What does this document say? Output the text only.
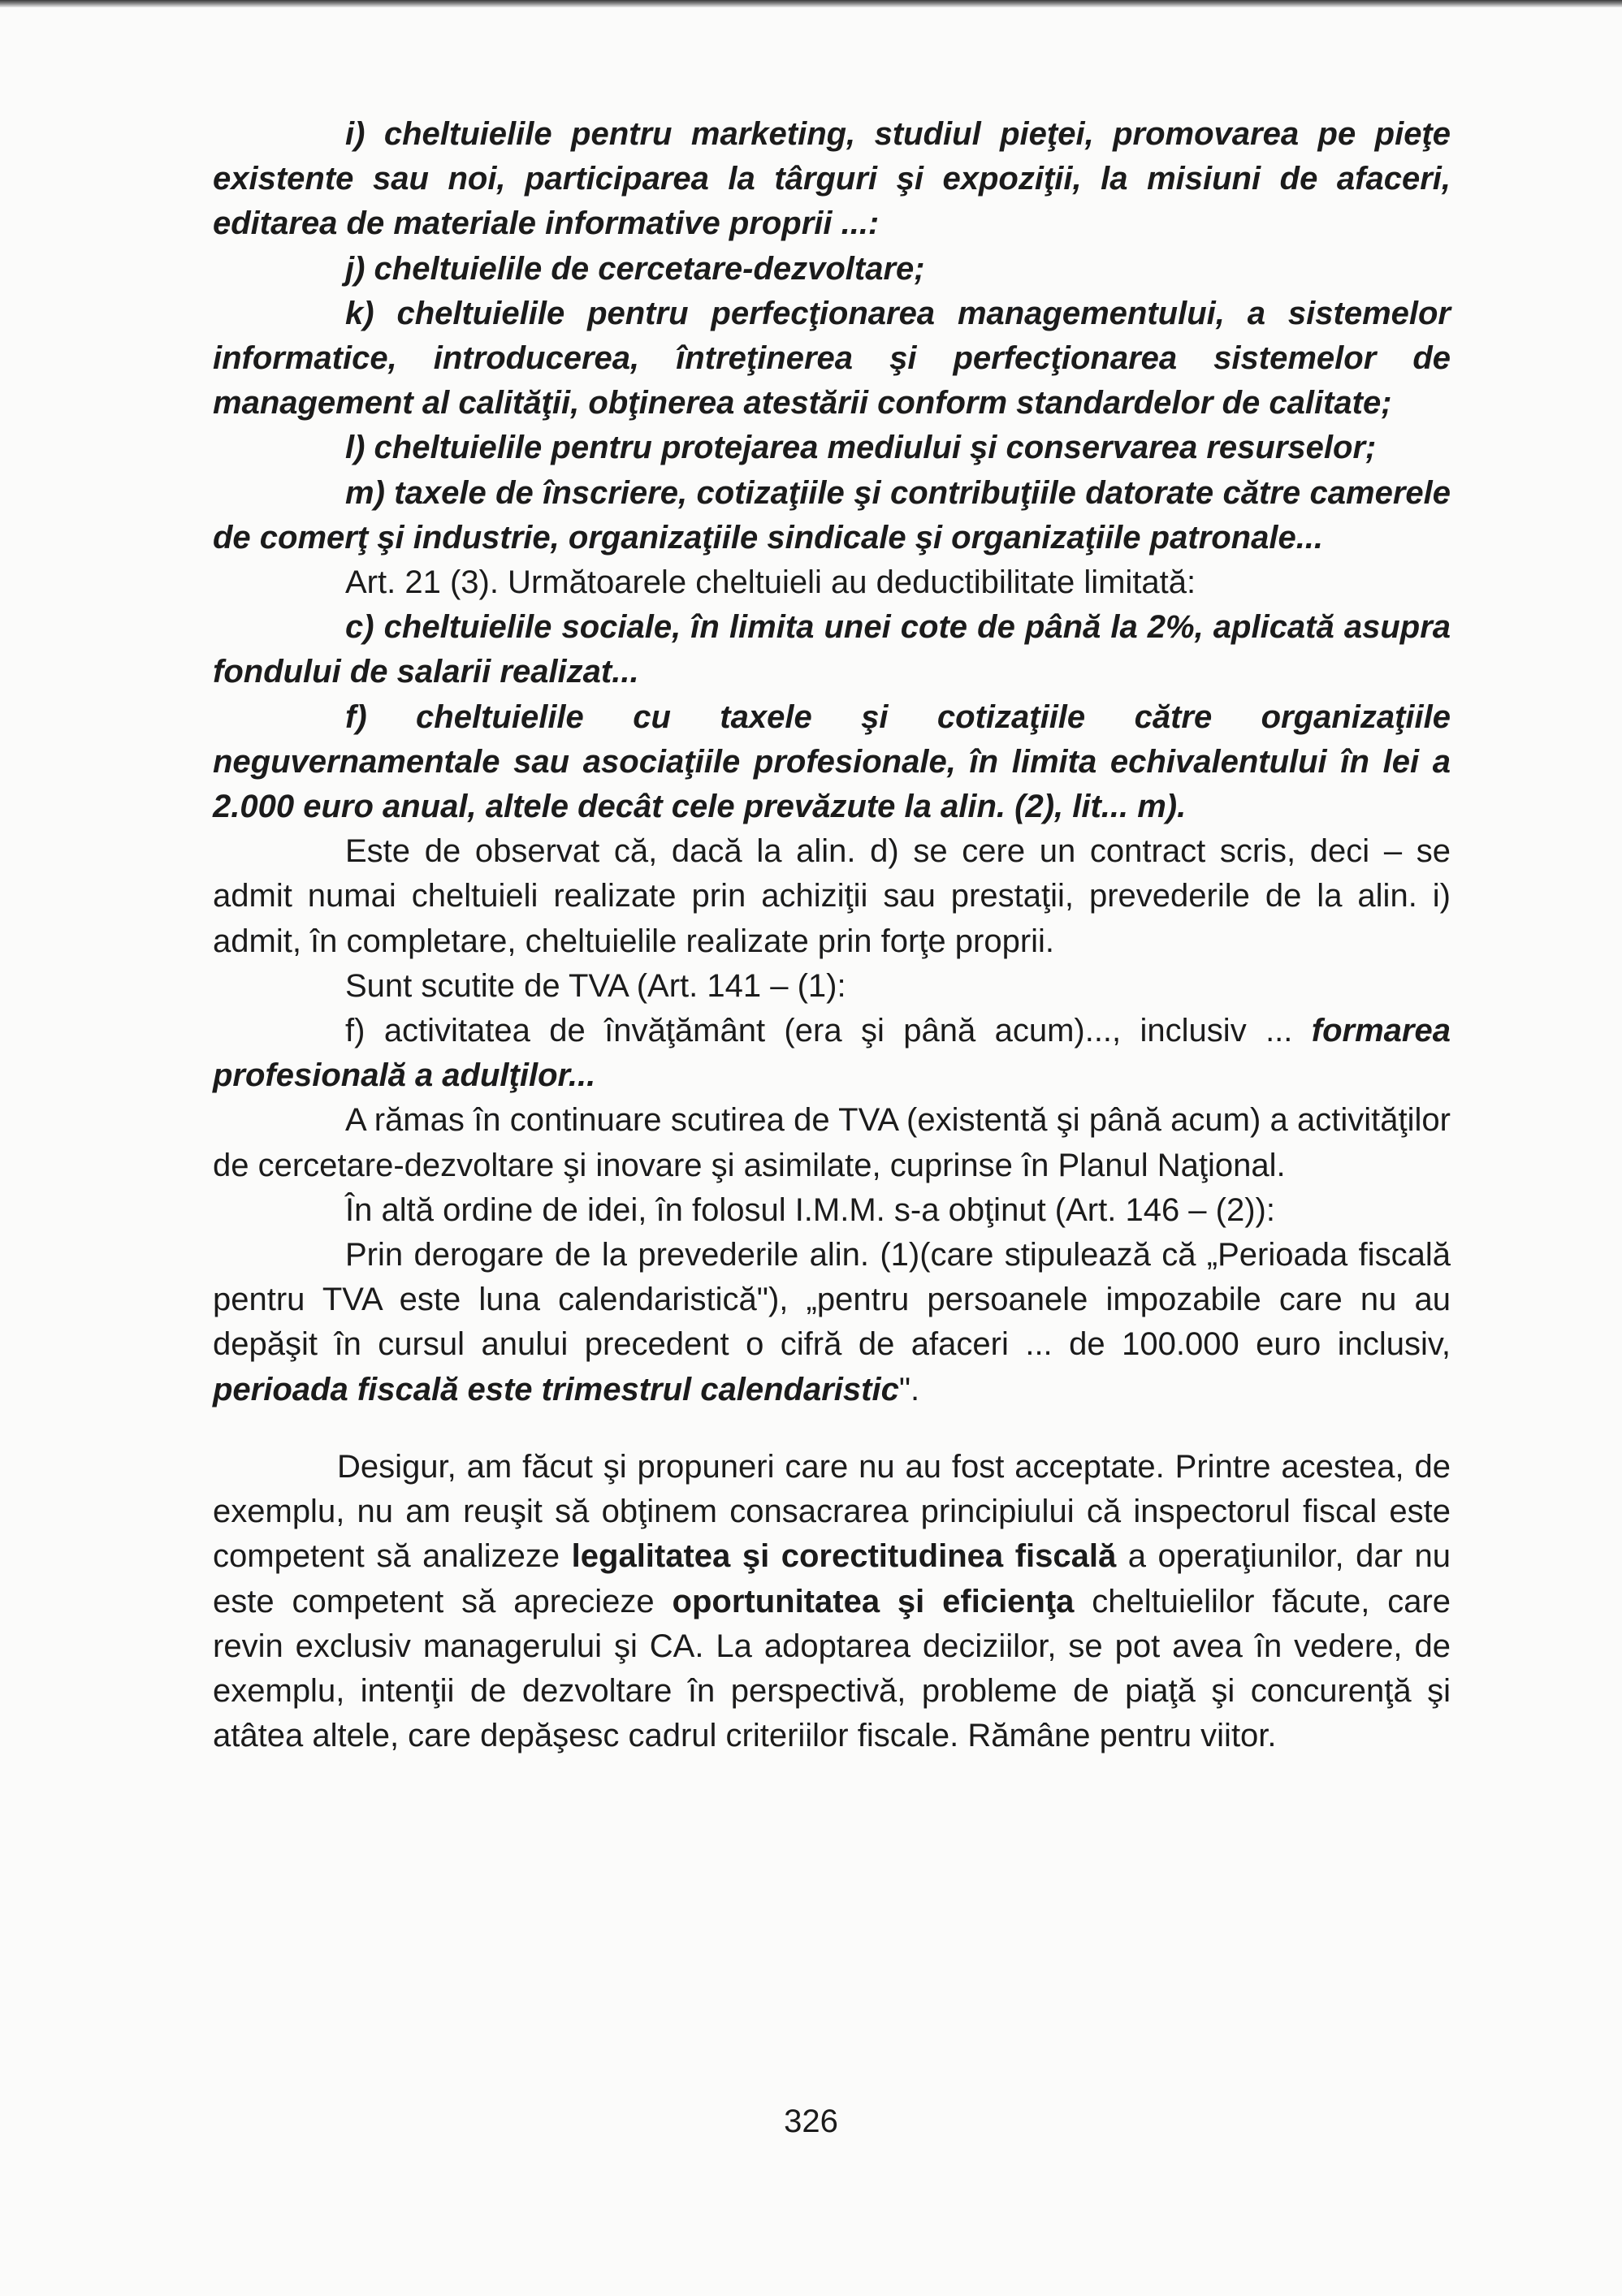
i) cheltuielile pentru marketing, studiul pieţei, promovarea pe pieţe existente sau noi, participarea la târguri şi expoziţii, la misiuni de afaceri, editarea de materiale informative proprii ...:

j) cheltuielile de cercetare-dezvoltare;

k) cheltuielile pentru perfecţionarea managementului, a sistemelor informatice, introducerea, întreţinerea şi perfecţionarea sistemelor de management al calităţii, obţinerea atestării conform standardelor de calitate;

l) cheltuielile pentru protejarea mediului şi conservarea resurselor;

m) taxele de înscriere, cotizaţiile şi contribuţiile datorate către camerele de comerţ şi industrie, organizaţiile sindicale şi organizaţiile patronale...

Art. 21 (3). Următoarele cheltuieli au deductibilitate limitată:

c) cheltuielile sociale, în limita unei cote de până la 2%, aplicată asupra fondului de salarii realizat...

f) cheltuielile cu taxele şi cotizaţiile către organizaţiile neguvernamentale sau asociaţiile profesionale, în limita echivalentului în lei a 2.000 euro anual, altele decât cele prevăzute la alin. (2), lit... m).

Este de observat că, dacă la alin. d) se cere un contract scris, deci – se admit numai cheltuieli realizate prin achiziţii sau prestaţii, prevederile de la alin. i) admit, în completare, cheltuielile realizate prin forţe proprii.

Sunt scutite de TVA (Art. 141 – (1):

f) activitatea de învăţământ (era şi până acum)..., inclusiv ... formarea profesională a adulţilor...

A rămas în continuare scutirea de TVA (existentă şi până acum) a activităţilor de cercetare-dezvoltare şi inovare şi asimilate, cuprinse în Planul Naţional.

În altă ordine de idei, în folosul I.M.M. s-a obţinut (Art. 146 – (2)):

Prin derogare de la prevederile alin. (1)(care stipulează că „Perioada fiscală pentru TVA este luna calendaristică"), „pentru persoanele impozabile care nu au depăşit în cursul anului precedent o cifră de afaceri ... de 100.000 euro inclusiv, perioada fiscală este trimestrul calendaristic".

Desigur, am făcut şi propuneri care nu au fost acceptate. Printre acestea, de exemplu, nu am reuşit să obţinem consacrarea principiului că inspectorul fiscal este competent să analizeze legalitatea şi corectitudinea fiscală a operaţiunilor, dar nu este competent să aprecieze oportunitatea şi eficienţa cheltuielilor făcute, care revin exclusiv managerului şi CA. La adoptarea deciziilor, se pot avea în vedere, de exemplu, intenţii de dezvoltare în perspectivă, probleme de piaţă şi concurenţă şi atâtea altele, care depăşesc cadrul criteriilor fiscale. Rămâne pentru viitor.

326
